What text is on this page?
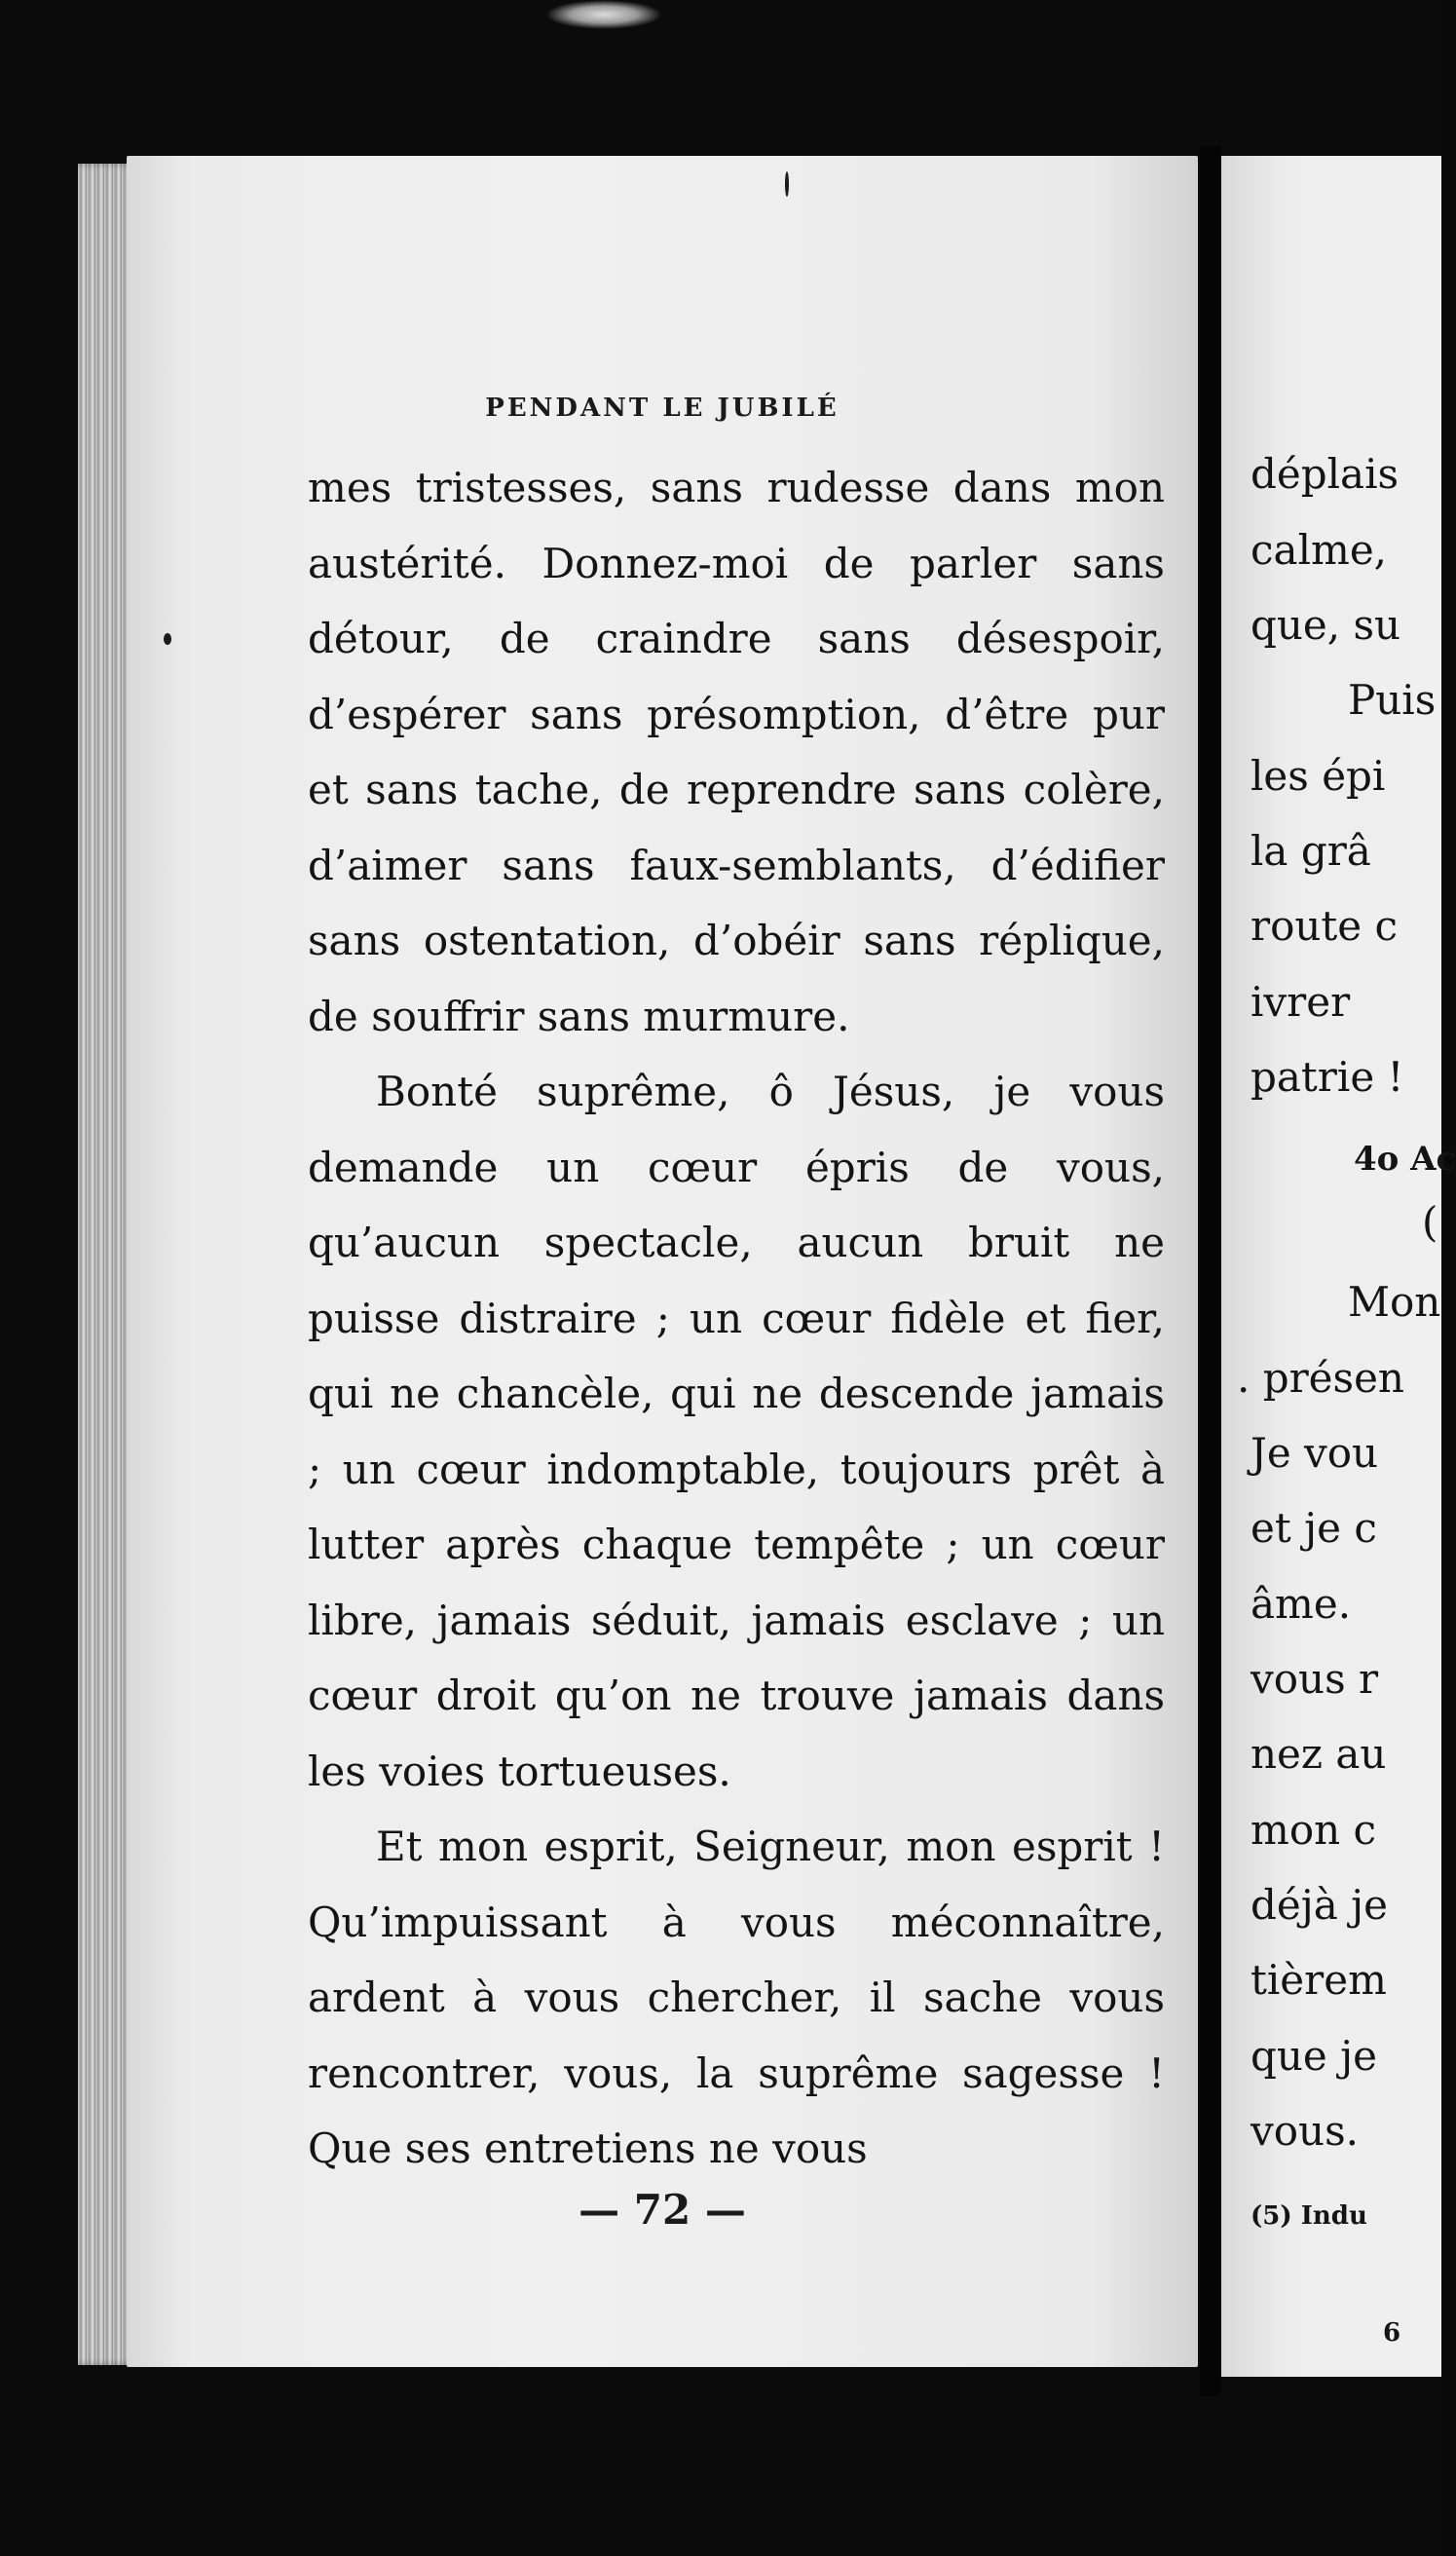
PENDANT LE JUBILÉ

mes tristesses, sans rudesse dans mon austérité. Donnez-moi de parler sans détour, de craindre sans désespoir, d’espérer sans présomption, d’être pur et sans tache, de reprendre sans colère, d’aimer sans faux-semblants, d’édifier sans ostentation, d’obéir sans réplique, de souffrir sans murmure.

Bonté suprême, ô Jésus, je vous demande un cœur épris de vous, qu’aucun spectacle, aucun bruit ne puisse distraire ; un cœur fidèle et fier, qui ne chancèle, qui ne descende jamais ; un cœur indomptable, toujours prêt à lutter après chaque tempête ; un cœur libre, jamais séduit, jamais esclave ; un cœur droit qu’on ne trouve jamais dans les voies tortueuses.

Et mon esprit, Seigneur, mon esprit ! Qu’impuissant à vous méconnaître, ardent à vous chercher, il sache vous rencontrer, vous, la suprême sagesse ! Que ses entretiens ne vous

— 72 —

déplais

calme,

que, su

Puis

les épi

la grâ

route c

ivrer

patrie !

4o Ac

(

Mon

. présen

Je vou

et je c

âme.

vous r

nez au

mon c

déjà je

tièrem

que je

vous.

(5) Indu

6
